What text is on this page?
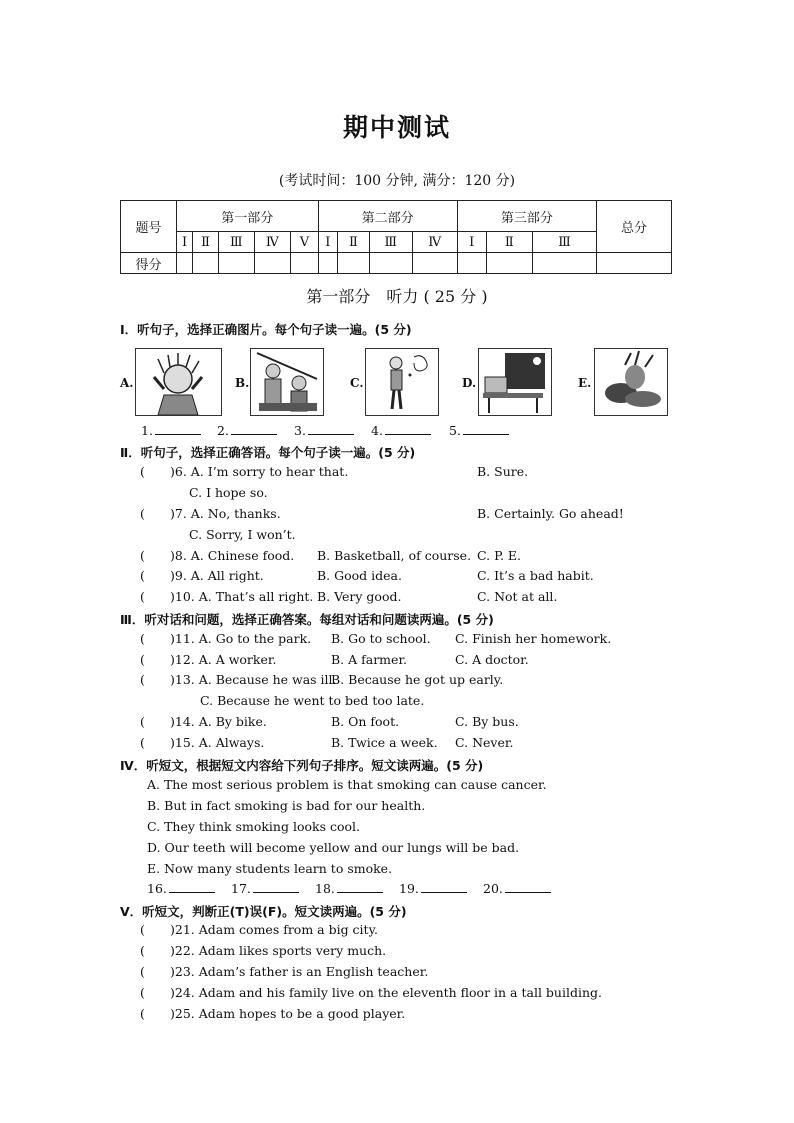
期中测试
(考试时间：100 分钟, 满分：120 分)
题号	第一部分					第二部分				第三部分			总分
	Ⅰ	Ⅱ	Ⅲ	Ⅳ	Ⅴ	Ⅰ	Ⅱ	Ⅲ	Ⅳ	Ⅰ	Ⅱ	Ⅲ	
得分													
第一部分　听力 ( 25 分 )
Ⅰ．听句子，选择正确图片。每个句子读一遍。(5 分)
A.	B.	C.	D.	E.
1.	2.	3.	4.	5.
Ⅱ．听句子，选择正确答语。每个句子读一遍。(5 分)
( )6. A. I’m sorry to hear that.	B. Sure.
C. I hope so.
( )7. A. No, thanks.	B. Certainly. Go ahead!
C. Sorry, I won’t.
( )8. A. Chinese food. B. Basketball, of course. C. P. E.
( )9. A. All right.	B. Good idea.	C. It’s a bad habit.
( )10. A. That’s all right. B. Very good.	C. Not at all.
Ⅲ．听对话和问题，选择正确答案。每组对话和问题读两遍。(5 分)
( )11. A. Go to the park. B. Go to school. C. Finish her homework.
( )12. A. A worker.	B. A farmer.	C. A doctor.
( )13. A. Because he was ill.
B. Because he got up early.
C. Because he went to bed too late.
( )14. A. By bike.	B. On foot.	C. By bus.
( )15. A. Always.	B. Twice a week. C. Never.
Ⅳ．听短文，根据短文内容给下列句子排序。短文读两遍。(5 分)
A. The most serious problem is that smoking can cause cancer.
B. But in fact smoking is bad for our health.
C. They think smoking looks cool.
D. Our teeth will become yellow and our lungs will be bad.
E. Now many students learn to smoke.
16.	17.	18.	19.	20.
Ⅴ．听短文，判断正(T)误(F)。短文读两遍。(5 分)
( )21. Adam comes from a big city.
( )22. Adam likes sports very much.
( )23. Adam’s father is an English teacher.
( )24. Adam and his family live on the eleventh floor in a tall building.
( )25. Adam hopes to be a good player.
